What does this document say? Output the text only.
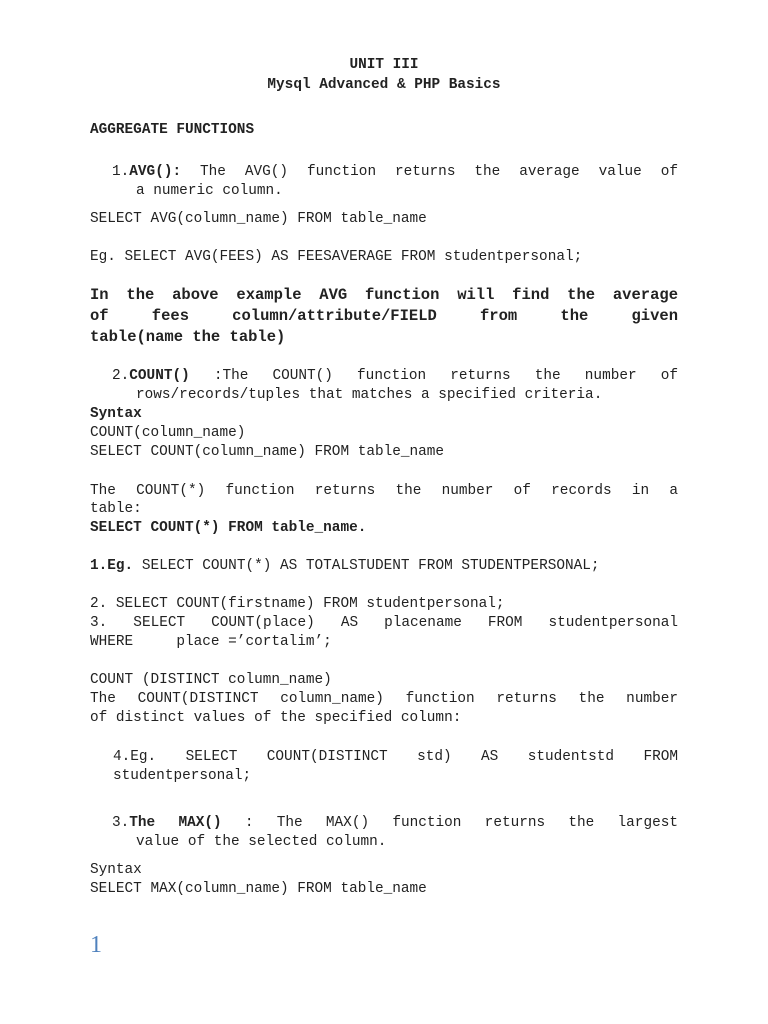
UNIT III
Mysql Advanced & PHP Basics
AGGREGATE FUNCTIONS
1.AVG(): The AVG() function returns the average value of
a numeric column.
SELECT AVG(column_name) FROM table_name
Eg. SELECT AVG(FEES) AS FEESAVERAGE FROM studentpersonal;
In the above example AVG function will find the average
of fees column/attribute/FIELD from the given
table(name the table)
2.COUNT() :The COUNT() function returns the number of
rows/records/tuples that matches a specified criteria.
Syntax
COUNT(column_name)
SELECT COUNT(column_name) FROM table_name
The COUNT(*) function returns the number of records in a
table:
SELECT COUNT(*) FROM table_name.
1.Eg. SELECT COUNT(*) AS TOTALSTUDENT FROM STUDENTPERSONAL;
2. SELECT COUNT(firstname) FROM studentpersonal;
3. SELECT COUNT(place) AS placename FROM studentpersonal
WHERE     place =’cortalim’;
COUNT (DISTINCT column_name)
The COUNT(DISTINCT column_name) function returns the number
of distinct values of the specified column:
4.Eg. SELECT COUNT(DISTINCT std) AS studentstd FROM
studentpersonal;
3.The MAX() : The MAX() function returns the largest
value of the selected column.
Syntax
SELECT MAX(column_name) FROM table_name
1
